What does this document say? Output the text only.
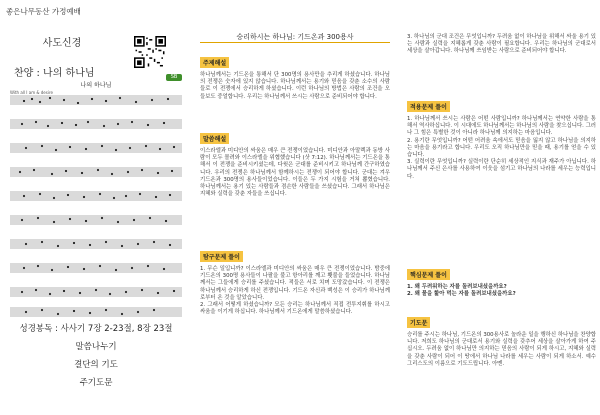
좋은나무동산 가정예배
사도신경
찬양 : 나의 하나님	SB
나의 하나님
With all I am & desire
성경봉독 : 사사기 7장 2-23절, 8장 23절
말씀나누기
결단의 기도
주기도문
승리하시는 하나님: 기드온과 300용사
주제해설
하나님께서는 기드온을 통해서 단 300명의 용사만을 추리게 하셨습니다. 하나님의 전쟁은 숫자에 있지 않습니다. 하나님께서는 용기와 믿음을 갖춘 소수의 사람들로 이 전쟁에서 승리하게 하셨습니다. 이런 하나님의 방법은 사람의 조건을 오들보도 중얼합니다. 우리는 하나님께서 쓰시는 사람으로 준비되어야 합니다.
말씀해설
이스라엘과 미디안의 싸움은 매우 큰 전쟁이었습니다. 미디안과 아말렉과 동방 사람이 모두 몰려와 이스라엘을 위협했습니다 (삿 7:12). 하나님께서는 기드온을 통해서 이 전쟁을 준비시키셨는데, 다윗은 군대를 준비시키고 하나님께 간구하였습니다. 우리의 전쟁은 하나님께서 함께하시는 전쟁이 되어야 합니다. 군대는 겨우 기드온과 300명의 용사들이었습니다. 이들은 두 가지 시험을 거쳐 뽑혔습니다. 하나님께서는 용기 있는 사람들과 겸손한 사람들을 쓰셨습니다. 그래서 하나님은 지혜와 실력을 갖춘 자들을 쓰십니다.
탐구문제 풀이
1. 무슨 일입니까? 이스라엘과 미디안의 싸움은 매우 큰 전쟁이었습니다. 밤중에 기드온의 300명 용사들이 나팔을 불고 항아리를 깨고 횃불을 들었습니다. 하나님께서는 그들에게 승리를 주셨습니다. 적들은 서로 치며 도망갔습니다. 이 전쟁은 하나님께서 승리하게 하신 전쟁입니다. 기드온 자신과 백성은 이 승리가 하나님께로부터 온 것을 알았습니다.
2. 그래서 어떻게 하셨습니까? 모든 승리는 하나님께서 직접 전투지휘를 하시고 싸움을 이기게 하십니다. 하나님께서 기드온에게 말씀하셨습니다.
3. 하나님의 군대 조건은 무엇입니까? 두려움 없이 하나님을 위해서 싸울 용기 있는 사람과 실력을 지혜롭게 갖춘 사람이 필요합니다. 우리는 하나님의 군대로서 세상을 살아갑니다. 하나님께 쓰임받는 사람으로 준비되어야 합니다.
적용문제 풀이
1. 하나님께서 쓰시는 사람은 어떤 사람입니까? 하나님께서는 연약한 사람을 통해서 역사하십니다. 이 시대에도 하나님께서는 하나님의 사람을 찾으십니다. 그러나 그 힘은 특별한 것이 아니라 하나님께 의지하는 마음입니다.
2. 용기란 무엇입니까? 어떤 어려움 속에서도 믿음을 잃지 않고 하나님을 의지하는 마음을 용기라고 합니다. 우리도 오직 하나님만을 믿을 때, 용기를 얻을 수 있습니다.
3. 실력이란 무엇입니까? 실력이란 단순히 세상적인 지식과 재주가 아닙니다. 하나님께서 주신 은사를 사용하여 이웃을 섬기고 하나님의 나라를 세우는 능력입니다.
핵심문제 풀이
1. 왜 두려워하는 자를 돌려보내셨을까요?
2. 왜 물을 핥아 먹는 자를 돌려보내셨을까요?
기도문
승리를 주시는 하나님, 기드온의 300용사로 놀라운 일을 행하신 하나님을 찬양합니다. 저희도 하나님의 군대로서 용기와 실력을 갖추어 세상을 살아가게 하여 주십시오. 두려움 없이 하나님만 의지하는 믿음의 사람이 되게 하시고, 지혜와 실력을 갖춘 사람이 되어 이 땅에서 하나님 나라를 세우는 사람이 되게 하소서. 예수 그리스도의 이름으로 기도드립니다. 아멘.
